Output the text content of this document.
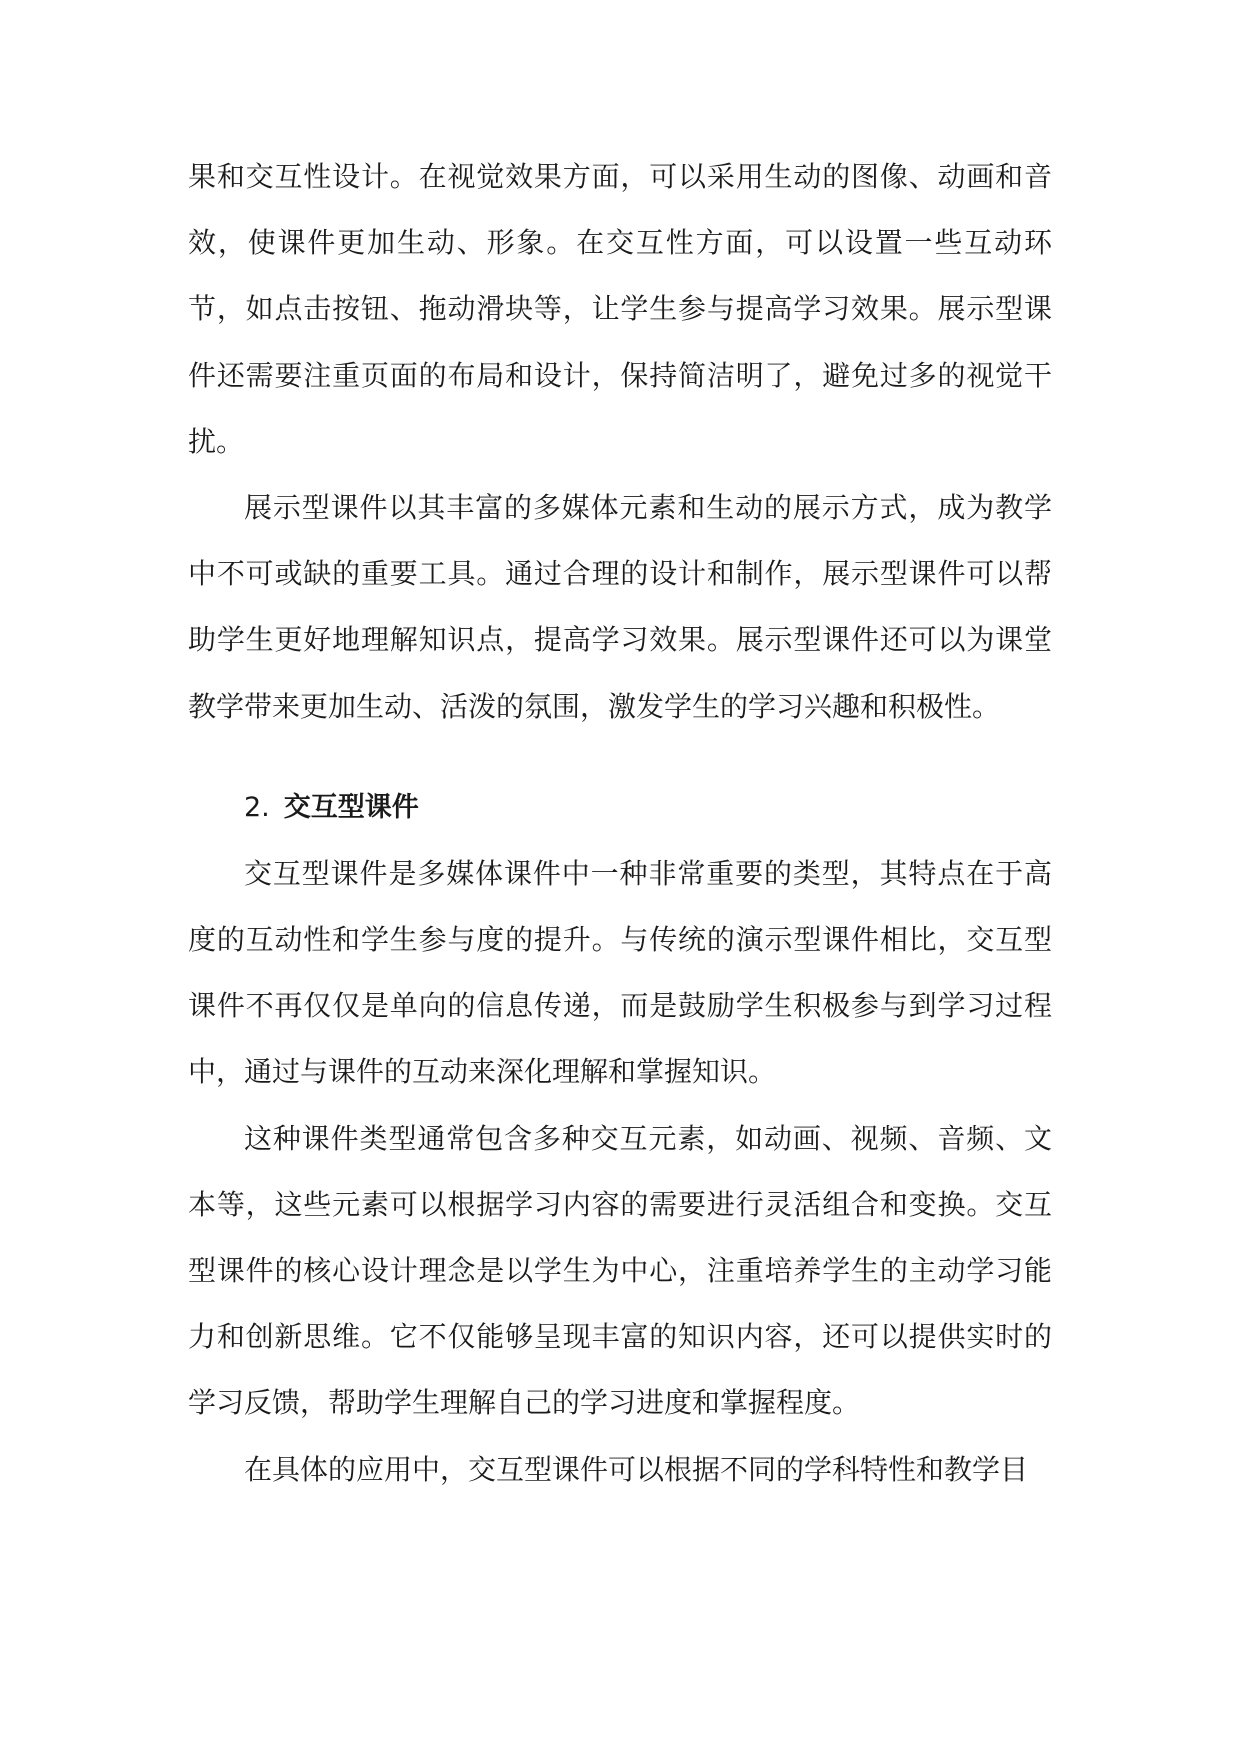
果和交互性设计。在视觉效果方面，可以采用生动的图像、动画和音效，使课件更加生动、形象。在交互性方面，可以设置一些互动环节，如点击按钮、拖动滑块等，让学生参与提高学习效果。展示型课件还需要注重页面的布局和设计，保持简洁明了，避免过多的视觉干扰。

展示型课件以其丰富的多媒体元素和生动的展示方式，成为教学中不可或缺的重要工具。通过合理的设计和制作，展示型课件可以帮助学生更好地理解知识点，提高学习效果。展示型课件还可以为课堂教学带来更加生动、活泼的氛围，激发学生的学习兴趣和积极性。

2. 交互型课件

交互型课件是多媒体课件中一种非常重要的类型，其特点在于高度的互动性和学生参与度的提升。与传统的演示型课件相比，交互型课件不再仅仅是单向的信息传递，而是鼓励学生积极参与到学习过程中，通过与课件的互动来深化理解和掌握知识。

这种课件类型通常包含多种交互元素，如动画、视频、音频、文本等，这些元素可以根据学习内容的需要进行灵活组合和变换。交互型课件的核心设计理念是以学生为中心，注重培养学生的主动学习能力和创新思维。它不仅能够呈现丰富的知识内容，还可以提供实时的学习反馈，帮助学生理解自己的学习进度和掌握程度。

在具体的应用中，交互型课件可以根据不同的学科特性和教学目
